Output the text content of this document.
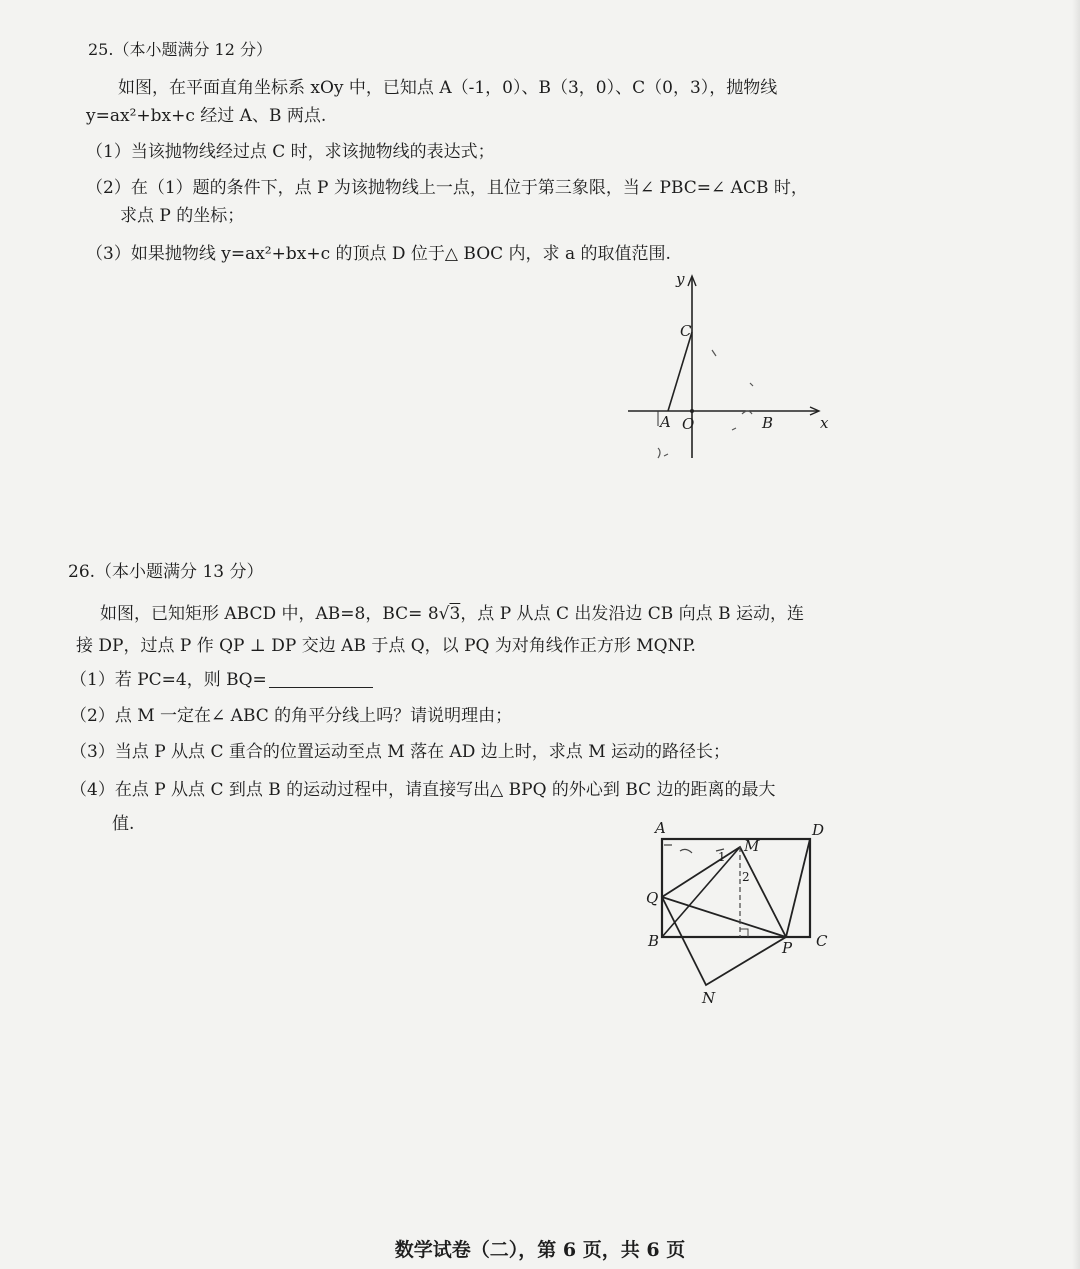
25.（本小题满分 12 分）
如图，在平面直角坐标系 xOy 中，已知点 A（-1，0）、B（3，0）、C（0，3），抛物线
y=ax²+bx+c 经过 A、B 两点.
（1）当该抛物线经过点 C 时，求该抛物线的表达式；
（2）在（1）题的条件下，点 P 为该抛物线上一点，且位于第三象限，当∠ PBC=∠ ACB 时，
求点 P 的坐标；
（3）如果抛物线 y=ax²+bx+c 的顶点 D 位于△ BOC 内，求 a 的取值范围.
y
x
C
A O	B
26.（本小题满分 13 分）
如图，已知矩形 ABCD 中，AB=8，BC= 8√3，点 P 从点 C 出发沿边 CB 向点 B 运动，连
接 DP，过点 P 作 QP ⊥ DP 交边 AB 于点 Q，以 PQ 为对角线作正方形 MQNP.
（1）若 PC=4，则 BQ=
（2）点 M 一定在∠ ABC 的角平分线上吗？请说明理由；
（3）当点 P 从点 C 重合的位置运动至点 M 落在 AD 边上时，求点 M 运动的路径长；
（4）在点 P 从点 C 到点 B 的运动过程中，请直接写出△ BPQ 的外心到 BC 边的距离的最大
值.	A	D
M
Q
B	P C
N
1
2
数学试卷（二），第 6 页，共 6 页
